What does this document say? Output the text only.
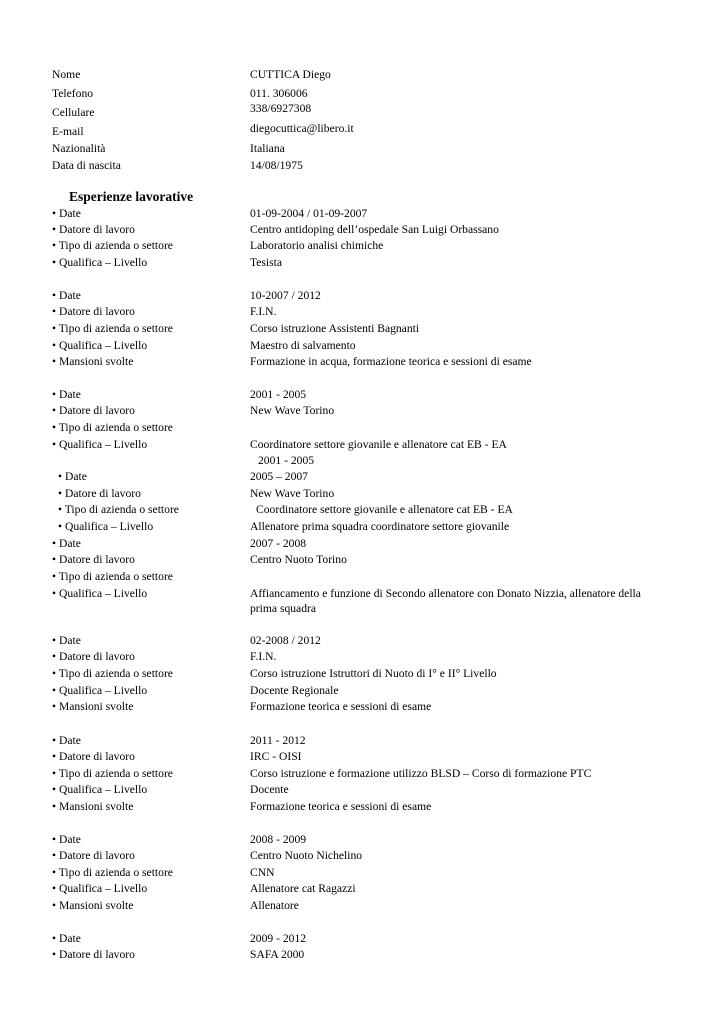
Nome	CUTTICA Diego
Telefono	011. 306006
Cellulare	338/6927308
E-mail	diegocuttica@libero.it
Nazionalità	Italiana
Data di nascita	14/08/1975
Esperienze lavorative
• Date	01-09-2004 / 01-09-2007
• Datore di lavoro	Centro antidoping dell’ospedale San Luigi Orbassano
• Tipo di azienda o settore	Laboratorio analisi chimiche
• Qualifica – Livello	Tesista
• Date	10-2007 / 2012
• Datore di lavoro	F.I.N.
• Tipo di azienda o settore	Corso istruzione Assistenti Bagnanti
• Qualifica – Livello	Maestro di salvamento
• Mansioni svolte	Formazione in acqua, formazione teorica e sessioni di esame
• Date	2001 - 2005
• Datore di lavoro	New Wave Torino
• Tipo di azienda o settore
• Qualifica – Livello	Coordinatore settore giovanile e allenatore cat EB - EA
2001 - 2005
• Date	2005 – 2007
• Datore di lavoro	New Wave Torino
• Tipo di azienda o settore	Coordinatore settore giovanile e allenatore cat EB - EA
• Qualifica – Livello	Allenatore prima squadra coordinatore settore giovanile
• Date	2007 - 2008
• Datore di lavoro	Centro Nuoto Torino
• Tipo di azienda o settore
• Qualifica – Livello	Affiancamento e funzione di Secondo allenatore con Donato Nizzia, allenatore della prima squadra
• Date	02-2008 / 2012
• Datore di lavoro	F.I.N.
• Tipo di azienda o settore	Corso istruzione Istruttori di Nuoto di I° e II° Livello
• Qualifica – Livello	Docente Regionale
• Mansioni svolte	Formazione teorica e sessioni di esame
• Date	2011 - 2012
• Datore di lavoro	IRC - OISI
• Tipo di azienda o settore	Corso istruzione e formazione utilizzo BLSD – Corso di formazione PTC
• Qualifica – Livello	Docente
• Mansioni svolte	Formazione teorica e sessioni di esame
• Date	2008 - 2009
• Datore di lavoro	Centro Nuoto Nichelino
• Tipo di azienda o settore	CNN
• Qualifica – Livello	Allenatore cat Ragazzi
• Mansioni svolte	Allenatore
• Date	2009 - 2012
• Datore di lavoro	SAFA 2000
